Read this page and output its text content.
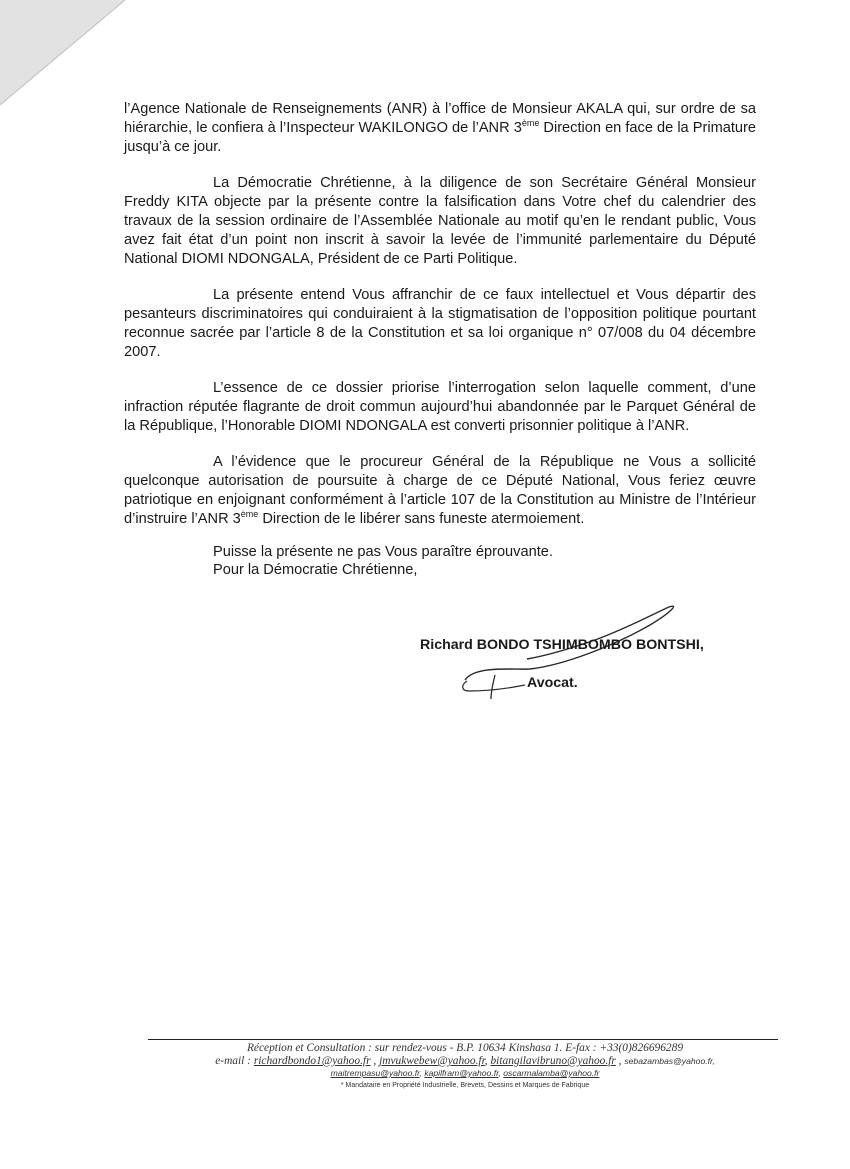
l’Agence Nationale de Renseignements (ANR) à l’office de Monsieur AKALA qui, sur ordre de sa hiérarchie, le confiera à l’Inspecteur WAKILONGO de l’ANR 3ème Direction en face de la Primature jusqu’à ce jour.

La Démocratie Chrétienne, à la diligence de son Secrétaire Général Monsieur Freddy KITA objecte par la présente contre la falsification dans Votre chef du calendrier des travaux de la session ordinaire de l’Assemblée Nationale au motif qu’en le rendant public, Vous avez fait état d’un point non inscrit à savoir la levée de l’immunité parlementaire du Député National DIOMI NDONGALA, Président de ce Parti Politique.

La présente entend Vous affranchir de ce faux intellectuel et Vous départir des pesanteurs discriminatoires qui conduiraient à la stigmatisation de l’opposition politique pourtant reconnue sacrée par l’article 8 de la Constitution et sa loi organique n° 07/008 du 04 décembre 2007.

L’essence de ce dossier priorise l’interrogation selon laquelle comment, d’une infraction réputée flagrante de droit commun aujourd’hui abandonnée par le Parquet Général de la République, l’Honorable DIOMI NDONGALA est converti prisonnier politique à l’ANR.

A l’évidence que le procureur Général de la République ne Vous a sollicité quelconque autorisation de poursuite à charge de ce Député National, Vous feriez œuvre patriotique en enjoignant conformément à l’article 107 de la Constitution au Ministre de l’Intérieur d’instruire l’ANR 3ème Direction de le libérer sans funeste atermoiement.

Puisse la présente ne pas Vous paraître éprouvante.
Pour la Démocratie Chrétienne,
Richard BONDO TSHIMBOMBO BONTSHI,
Avocat.
Réception et Consultation : sur rendez-vous - B.P. 10634 Kinshasa 1. E-fax : +33(0)826696289
e-mail : richardbondo1@yahoo.fr , jmvukwebew@yahoo.fr, bitangilavibruno@yahoo.fr , sebazambas@yahoo.fr,
maitrempasu@yahoo.fr, kapilfram@yahoo.fr, oscarmalamba@yahoo.fr
* Mandataire en Propriété Industrielle, Brevets, Dessins et Marques de Fabrique
